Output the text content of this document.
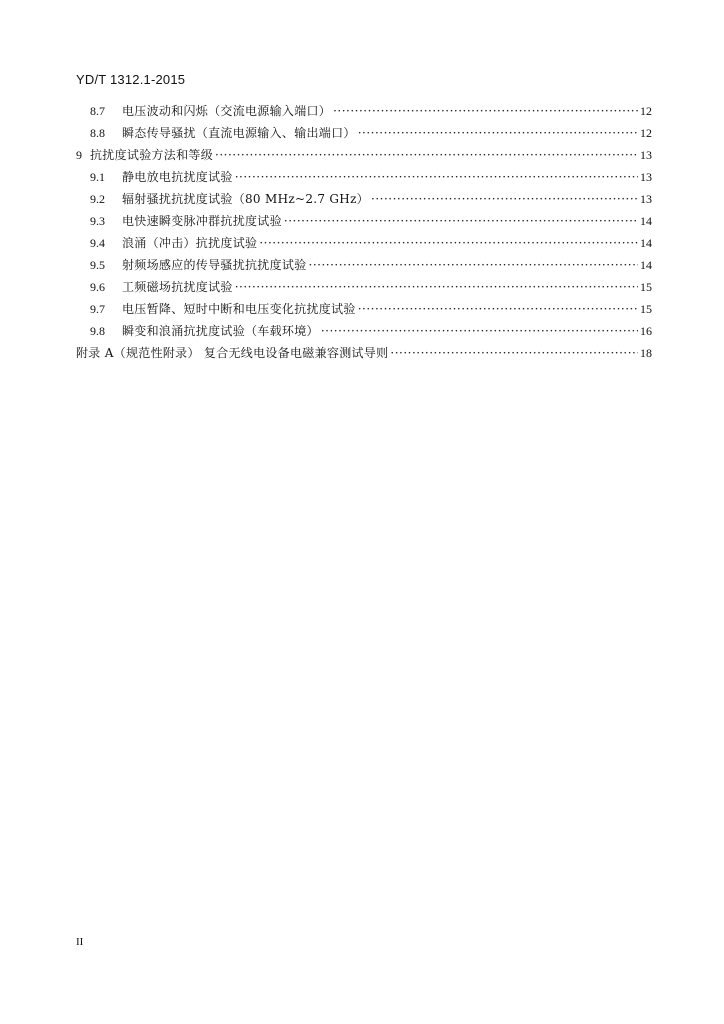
YD/T 1312.1-2015
8.7	电压波动和闪烁（交流电源输入端口） ·····	12
8.8	瞬态传导骚扰（直流电源输入、输出端口） ·····	12
9 抗扰度试验方法和等级 ·····	13
9.1	静电放电抗扰度试验 ·····	13
9.2	辐射骚扰抗扰度试验（80 MHz~2.7 GHz） ·····	13
9.3	电快速瞬变脉冲群抗扰度试验 ·····	14
9.4	浪涌（冲击）抗扰度试验 ·····	14
9.5	射频场感应的传导骚扰抗扰度试验 ·····	14
9.6	工频磁场抗扰度试验 ·····	15
9.7	电压暂降、短时中断和电压变化抗扰度试验 ·····	15
9.8	瞬变和浪涌抗扰度试验（车载环境） ·····	16
附录 A（规范性附录） 复合无线电设备电磁兼容测试导则 ·····	18
II
